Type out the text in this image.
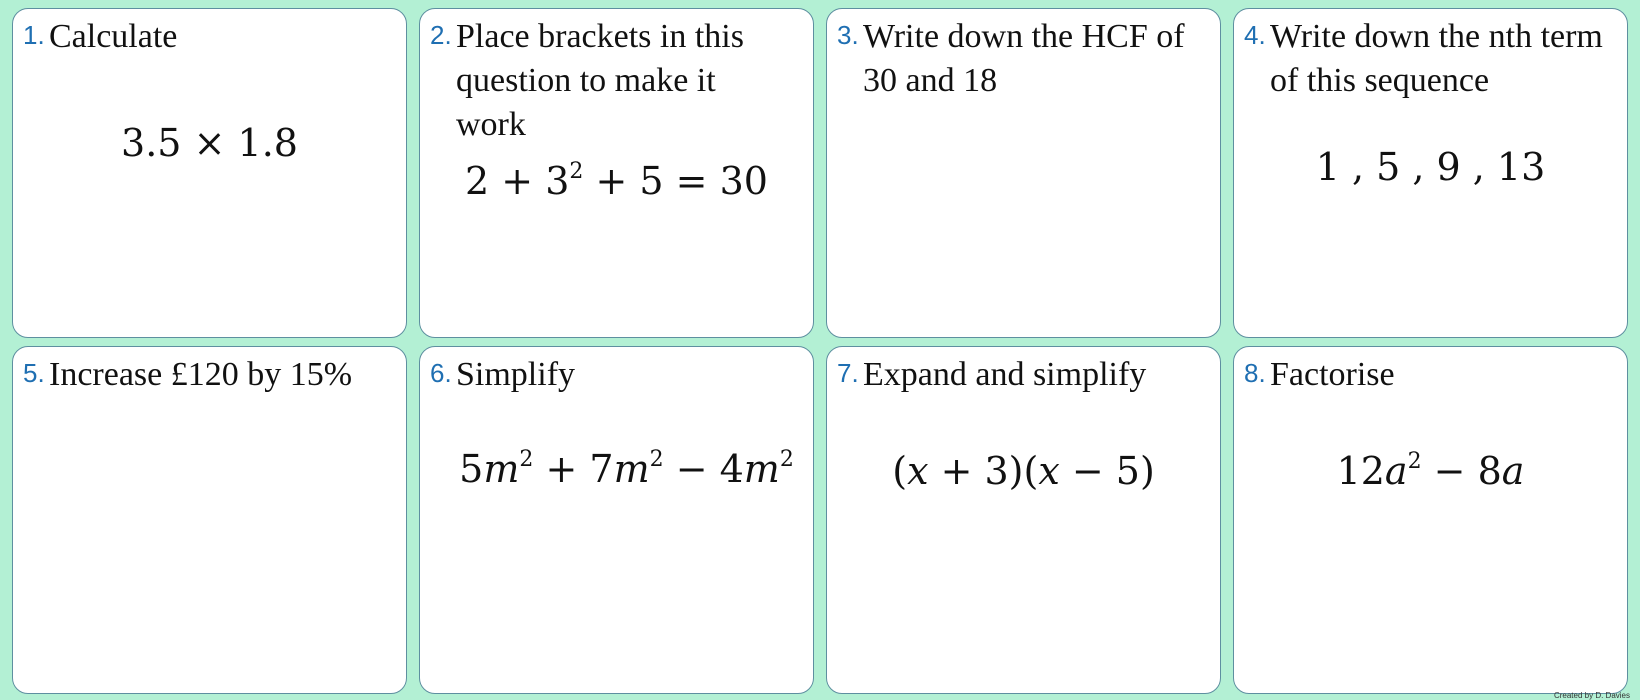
1. Calculate
3.5 × 1.8
2. Place brackets in this question to make it work
$2 + 3^2 + 5 = 30$
3. Write down the HCF of 30 and 18
4. Write down the nth term of this sequence
1 , 5 , 9 , 13
5. Increase £120 by 15%	6. Simplify
$5m^2 + 7m^2 - 4m^2$
7. Expand and simplify
(x + 3)(x − 5)
8. Factorise
$12a^2 - 8a$
Created by D. Davies
